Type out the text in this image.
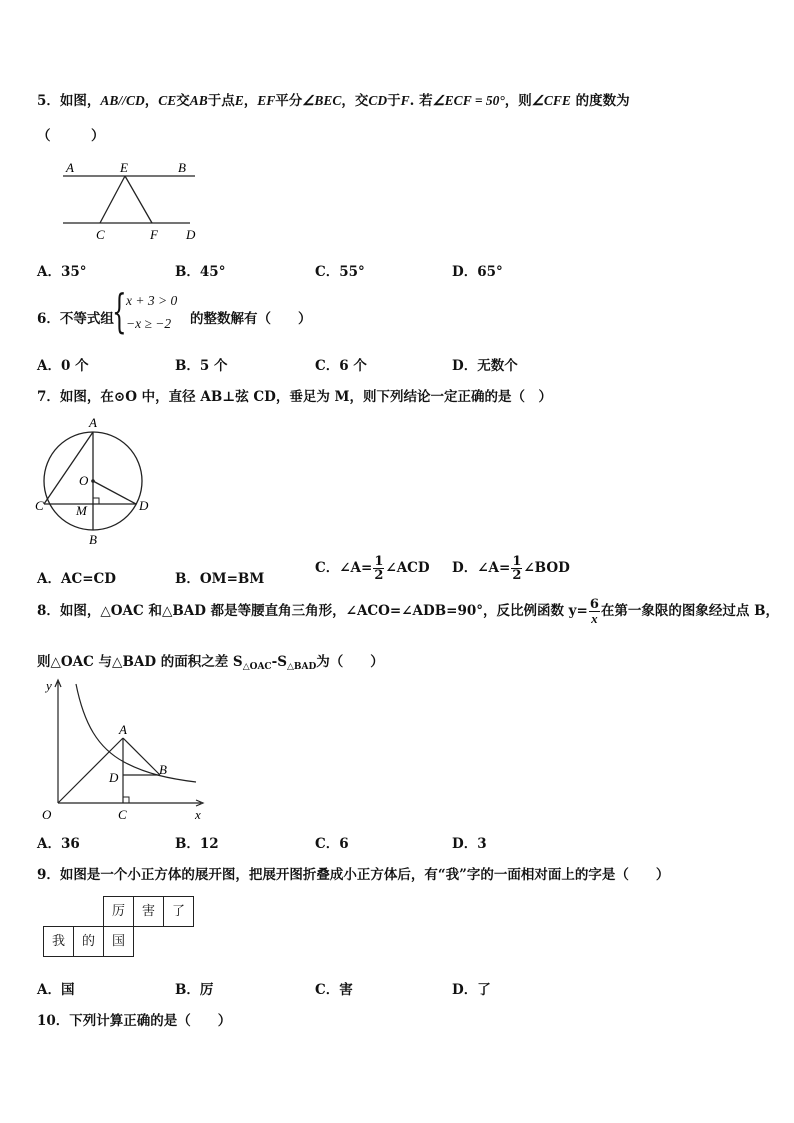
5．如图，AB//CD，CE交AB于点E，EF平分∠BEC，交CD于F. 若∠ECF = 50°，则∠CFE 的度数为
（　　　）
A	E	B
C	F D
A．35°	B．45°	C．55°	D．65°
6．不等式组
{ x + 3 > 0
−x ≥ −2 的整数解有（　　）
A．0 个	B．5 个	C．6 个	D．无数个
7．如图，在⊙O 中，直径 AB⊥弦 CD，垂足为 M，则下列结论一定正确的是（　）
A
O
C M	D
B
A．AC=CD	B．OM=BM
C．∠A= $\frac{1}{2}$ ∠ACD D．∠A= $\frac{1}{2}$ ∠BOD
8．如图，△OAC 和△BAD 都是等腰直角三角形，∠ACO=∠ADB=90°，反比例函数 $y= \frac{6}{x}$ 在第一象限的图象经过点 B，
则△OAC 与△BAD 的面积之差 $S_{\triangle OAC}-S_{\triangle BAD}$为（　　）
y
x
O
A
B
C
D
A．36	B．12	C．6	D．3
9．如图是一个小正方体的展开图，把展开图折叠成小正方体后，有“我”字的一面相对面上的字是（　　）
厉	害	了
我	的	国
A．国	B．厉	C．害	D．了
10．下列计算正确的是（　　）
